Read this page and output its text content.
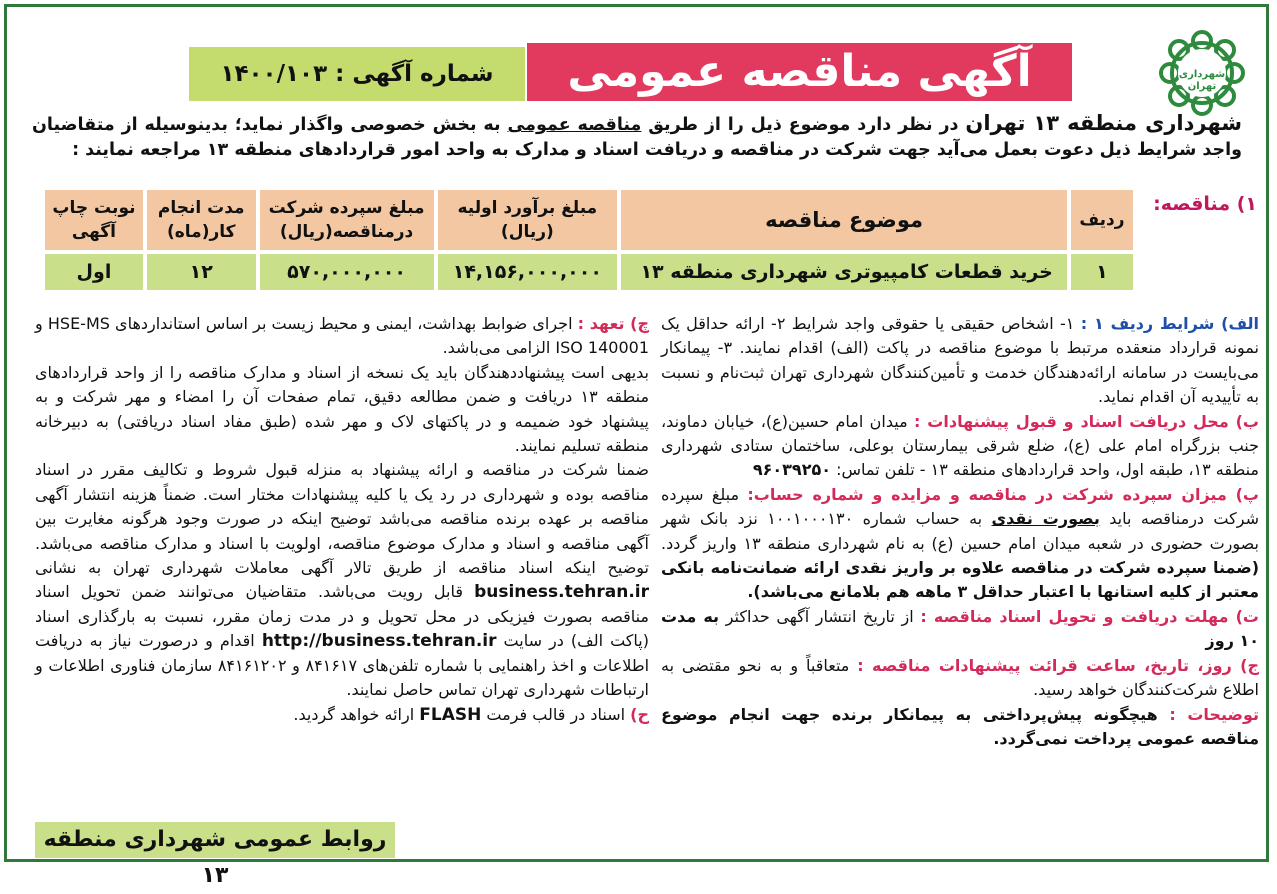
شهرداری
تهران
آگهی مناقصه عمومی
شماره آگهی : ۱۴۰۰/۱۰۳
شهرداری منطقه ۱۳ تهران در نظر دارد موضوع ذیل را از طریق مناقصه عمومی به بخش خصوصی واگذار نماید؛ بدینوسیله از متقاضیان واجد شرایط ذیل دعوت بعمل می‌آید جهت شرکت در مناقصه و دریافت اسناد و مدارک به واحد امور قراردادهای منطقه ۱۳ مراجعه نمایند :
۱) مناقصه:
ردیف	موضوع مناقصه	مبلغ برآورد اولیه (ریال)	مبلغ سپرده شرکت درمناقصه(ریال)	مدت انجام کار(ماه)	نوبت چاپ آگهی
۱	خرید قطعات کامپیوتری شهرداری منطقه ۱۳	۱۴,۱۵۶,۰۰۰,۰۰۰	۵۷۰,۰۰۰,۰۰۰	۱۲	اول

الف) شرایط ردیف ۱ : ۱- اشخاص حقیقی یا حقوقی واجد شرایط ۲- ارائه حداقل یک نمونه قرارداد منعقده مرتبط با موضوع مناقصه در پاکت (الف) اقدام نمایند. ۳- پیمانکار می‌بایست در سامانه ارائه‌دهندگان خدمت و تأمین‌کنندگان شهرداری تهران ثبت‌نام و نسبت به تأییدیه آن اقدام نماید.

ب) محل دریافت اسناد و قبول پیشنهادات : میدان امام حسین(ع)، خیابان دماوند، جنب بزرگراه امام علی (ع)، ضلع شرقی بیمارستان بوعلی، ساختمان ستادی شهرداری منطقه ۱۳، طبقه اول، واحد قراردادهای منطقه ۱۳ - تلفن تماس: ۹۶۰۳۹۲۵۰

پ) میزان سپرده شرکت در مناقصه و مزایده و شماره حساب: مبلغ سپرده شرکت درمناقصه باید بصورت نقدی به حساب شماره ۱۰۰۱۰۰۰۱۳۰ نزد بانک شهر بصورت حضوری در شعبه میدان امام حسین (ع) به نام شهرداری منطقه ۱۳ واریز گردد.(ضمنا سپرده شرکت در مناقصه علاوه بر واریز نقدی ارائه ضمانت‌نامه بانکی معتبر از کلیه استانها با اعتبار حداقل ۳ ماهه هم بلامانع می‌باشد).

ت) مهلت دریافت و تحویل اسناد مناقصه : از تاریخ انتشار آگهی حداکثر به مدت ۱۰ روز

ج) روز، تاریخ، ساعت قرائت پیشنهادات مناقصه : متعاقباً و به نحو مقتضی به اطلاع شرکت‌کنندگان خواهد رسید.

توضیحات : هیچگونه پیش‌پرداختی به پیمانکار برنده جهت انجام موضوع مناقصه عمومی پرداخت نمی‌گردد.

چ) تعهد : اجرای ضوابط بهداشت، ایمنی و محیط زیست بر اساس استانداردهای HSE-MS و ISO 140001 الزامی می‌باشد.

بدیهی است پیشنهاددهندگان باید یک نسخه از اسناد و مدارک مناقصه را از واحد قراردادهای منطقه ۱۳ دریافت و ضمن مطالعه دقیق، تمام صفحات آن را امضاء و مهر شرکت و به پیشنهاد خود ضمیمه و در پاکتهای لاک و مهر شده (طبق مفاد اسناد دریافتی) به دبیرخانه منطقه تسلیم نمایند.

ضمنا شرکت در مناقصه و ارائه پیشنهاد به منزله قبول شروط و تکالیف مقرر در اسناد مناقصه بوده و شهرداری در رد یک یا کلیه پیشنهادات مختار است. ضمناً هزینه انتشار آگهی مناقصه بر عهده برنده مناقصه می‌باشد توضیح اینکه در صورت وجود هرگونه مغایرت بین آگهی مناقصه و اسناد و مدارک موضوع مناقصه، اولویت با اسناد و مدارک مناقصه می‌باشد. توضیح اینکه اسناد مناقصه از طریق تالار آگهی معاملات شهرداری تهران به نشانی business.tehran.ir قابل رویت می‌باشد. متقاضیان می‌توانند ضمن تحویل اسناد مناقصه بصورت فیزیکی در محل تحویل و در مدت زمان مقرر، نسبت به بارگذاری اسناد (پاکت الف) در سایت http://business.tehran.ir اقدام و درصورت نیاز به دریافت اطلاعات و اخذ راهنمایی با شماره تلفن‌های ۸۴۱۶۱۷ و ۸۴۱۶۱۲۰۲ سازمان فناوری اطلاعات و ارتباطات شهرداری تهران تماس حاصل نمایند.

ح) اسناد در قالب فرمت FLASH ارائه خواهد گردید.

روابط عمومی شهرداری منطقه ۱۳
